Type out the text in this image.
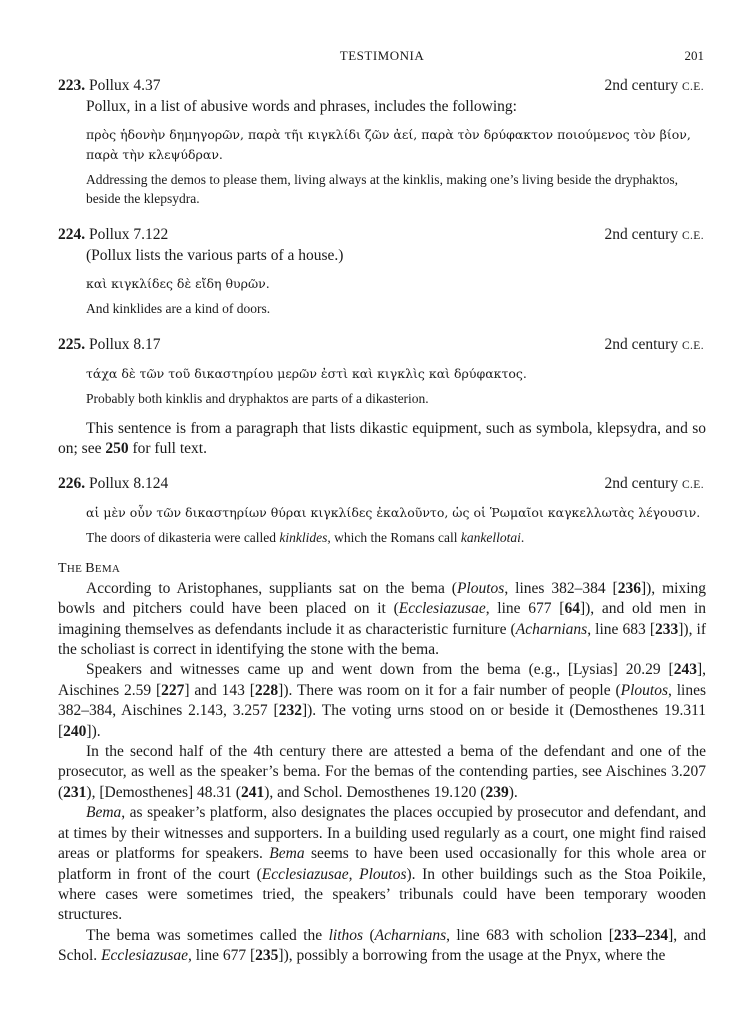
TESTIMONIA	201
223. Pollux 4.37	2nd century C.E.
Pollux, in a list of abusive words and phrases, includes the following:
πρὸς ἡδονὴν δημηγορῶν, παρὰ τῆι κιγκλίδι ζῶν ἀεί, παρὰ τὸν δρύφακτον ποιούμενος τὸν βίον, παρὰ τὴν κλεψύδραν.
Addressing the demos to please them, living always at the kinklis, making one’s living beside the dryphaktos, beside the klepsydra.
224. Pollux 7.122	2nd century C.E.
(Pollux lists the various parts of a house.)
καὶ κιγκλίδες δὲ εἴδη θυρῶν.
And kinklides are a kind of doors.
225. Pollux 8.17	2nd century C.E.
τάχα δὲ τῶν τοῦ δικαστηρίου μερῶν ἐστὶ καὶ κιγκλὶς καὶ δρύφακτος.
Probably both kinklis and dryphaktos are parts of a dikasterion.
This sentence is from a paragraph that lists dikastic equipment, such as symbola, klepsydra, and so on; see 250 for full text.
226. Pollux 8.124	2nd century C.E.
αἱ μὲν οὖν τῶν δικαστηρίων θύραι κιγκλίδες ἐκαλοῦντο, ὡς οἱ Ῥωμαῖοι καγκελλωτὰς λέγουσιν.
The doors of dikasteria were called kinklides, which the Romans call kankellotai.
THE BEMA
According to Aristophanes, suppliants sat on the bema (Ploutos, lines 382–384 [236]), mixing bowls and pitchers could have been placed on it (Ecclesiazusae, line 677 [64]), and old men in imagining themselves as defendants include it as characteristic furniture (Acharnians, line 683 [233]), if the scholiast is correct in identifying the stone with the bema.
Speakers and witnesses came up and went down from the bema (e.g., [Lysias] 20.29 [243], Aischines 2.59 [227] and 143 [228]). There was room on it for a fair number of people (Ploutos, lines 382–384, Aischines 2.143, 3.257 [232]). The voting urns stood on or beside it (Demosthenes 19.311 [240]).
In the second half of the 4th century there are attested a bema of the defendant and one of the prosecutor, as well as the speaker’s bema. For the bemas of the contending parties, see Aischines 3.207 (231), [Demosthenes] 48.31 (241), and Schol. Demosthenes 19.120 (239).
Bema, as speaker’s platform, also designates the places occupied by prosecutor and defendant, and at times by their witnesses and supporters. In a building used regularly as a court, one might find raised areas or platforms for speakers. Bema seems to have been used occasionally for this whole area or platform in front of the court (Ecclesiazusae, Ploutos). In other buildings such as the Stoa Poikile, where cases were sometimes tried, the speakers’ tribunals could have been temporary wooden structures.
The bema was sometimes called the lithos (Acharnians, line 683 with scholion [233–234], and Schol. Ecclesiazusae, line 677 [235]), possibly a borrowing from the usage at the Pnyx, where the
